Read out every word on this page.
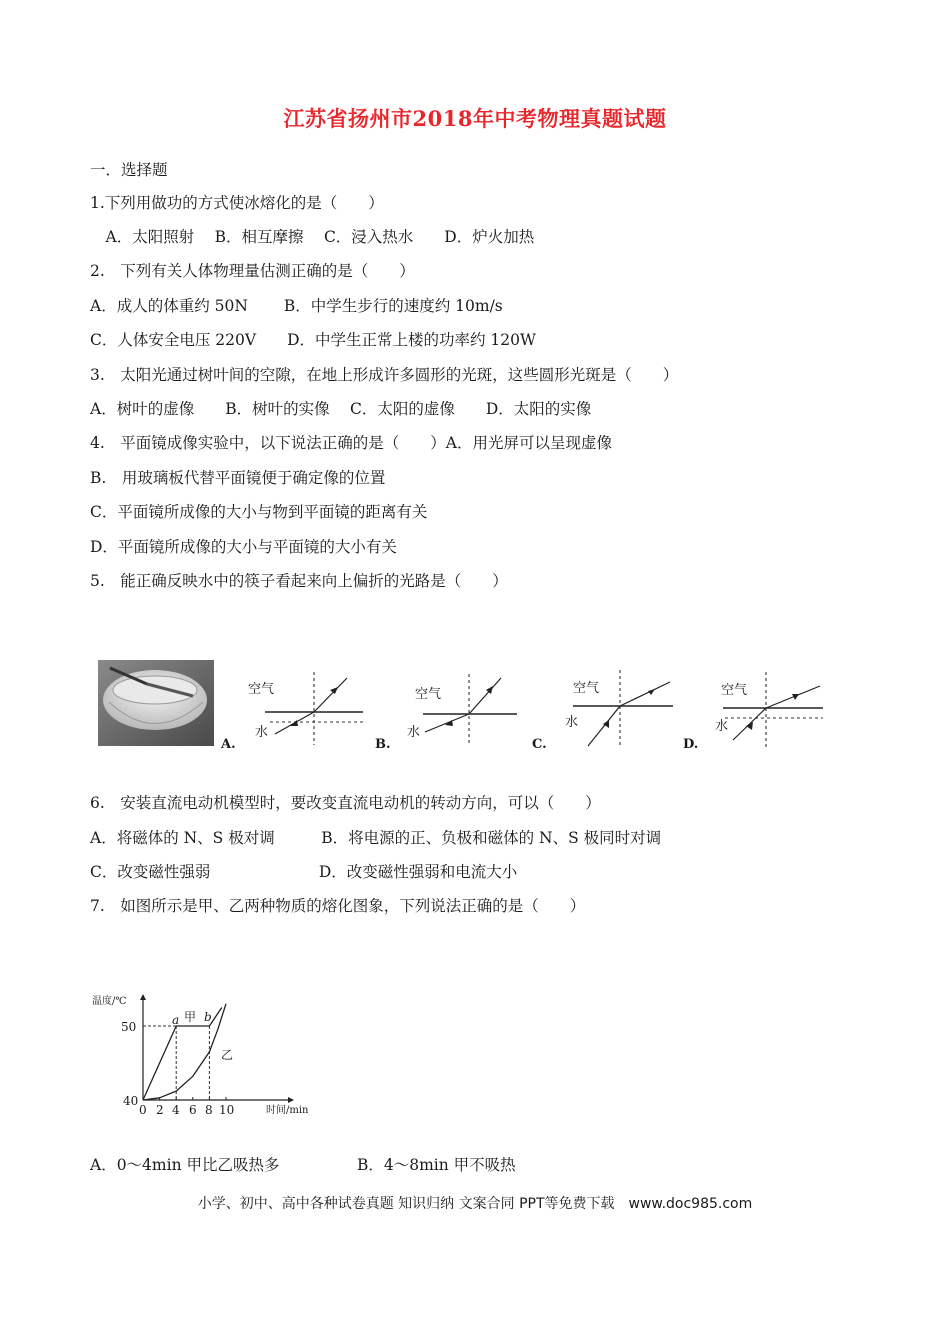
江苏省扬州市2018年中考物理真题试题
一．选择题
1.下列用做功的方式使冰熔化的是（　　）
　A．太阳照射　 B．相互摩擦　 C．浸入热水　　D．炉火加热
2.　下列有关人体物理量估测正确的是（　　）
A．成人的体重约 50N　　 B．中学生步行的速度约 10m/s
C．人体安全电压 220V　　D．中学生正常上楼的功率约 120W
3.　太阳光通过树叶间的空隙，在地上形成许多圆形的光斑，这些圆形光斑是（　　）
A．树叶的虚像　　B．树叶的实像　 C．太阳的虚像　　D．太阳的实像
4.　平面镜成像实验中，以下说法正确的是（　　）A．用光屏可以呈现虚像
B.　用玻璃板代替平面镜便于确定像的位置
C．平面镜所成像的大小与物到平面镜的距离有关
D．平面镜所成像的大小与平面镜的大小有关
5.　能正确反映水中的筷子看起来向上偏折的光路是（　　）
空气
水
A.
空气
水
B.
空气
水
C.
空气
水
D.
6.　安装直流电动机模型时，要改变直流电动机的转动方向，可以（　　）
A．将磁体的 N、S 极对调　　　B．将电源的正、负极和磁体的 N、S 极同时对调
C．改变磁性强弱　　　　　　　D．改变磁性强弱和电流大小
7.　如图所示是甲、乙两种物质的熔化图象，下列说法正确的是（　　）
温度/℃
时间/min
50
40
0 2 4 6 8 10
a b
甲
乙
A．0～4min 甲比乙吸热多　　　　　B．4～8min 甲不吸热
小学、初中、高中各种试卷真题 知识归纳 文案合同 PPT等免费下载　www.doc985.com
